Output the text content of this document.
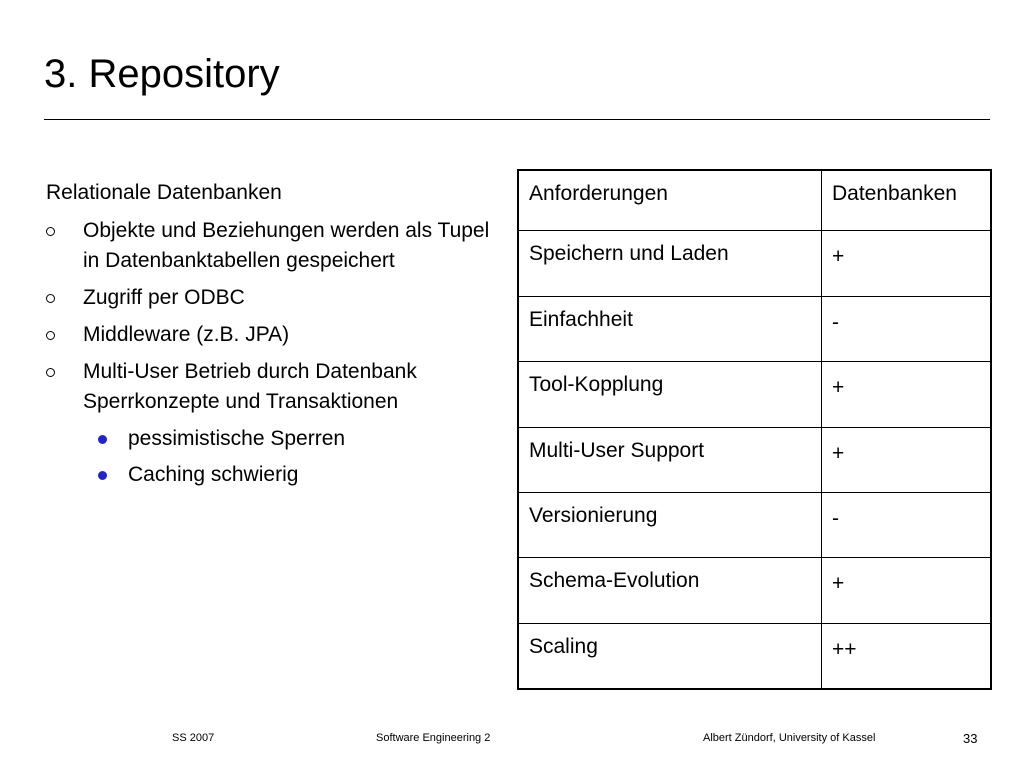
3. Repository
Relationale Datenbanken
Objekte und Beziehungen werden als Tupel in Datenbanktabellen gespeichert
Zugriff per ODBC
Middleware (z.B. JPA)
Multi-User Betrieb durch Datenbank Sperrkonzepte und Transaktionen
pessimistische Sperren
Caching schwierig
Anforderungen	Datenbanken
Speichern und Laden	+
Einfachheit	-
Tool-Kopplung	+
Multi-User Support	+
Versionierung	-
Schema-Evolution	+
Scaling	++
SS 2007	Software Engineering 2	Albert Zündorf, University of Kassel	33
